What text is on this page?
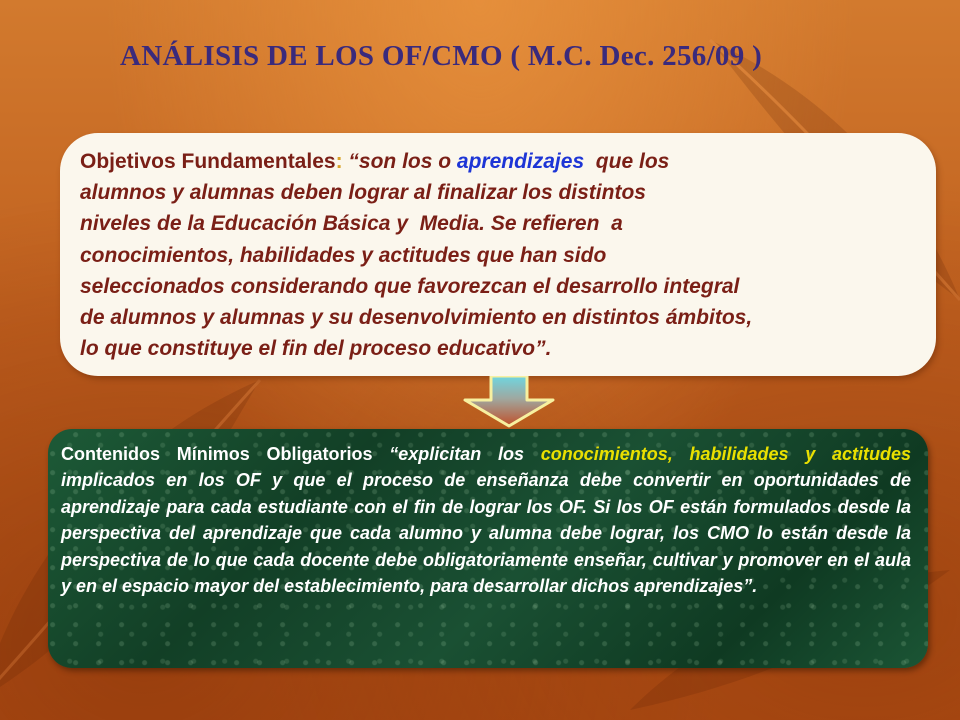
ANÁLISIS DE LOS OF/CMO ( M.C. Dec. 256/09 )
Objetivos Fundamentales: “son los o aprendizajes  que los
alumnos y alumnas deben lograr al finalizar los distintos
niveles de la Educación Básica y  Media. Se refieren  a
conocimientos, habilidades y actitudes que han sido
seleccionados considerando que favorezcan el desarrollo integral
de alumnos y alumnas y su desenvolvimiento en distintos ámbitos,
lo que constituye el fin del proceso educativo”.
Contenidos Mínimos Obligatorios “explicitan los conocimientos, habilidades y actitudes implicados en los OF y que el proceso de enseñanza debe convertir en oportunidades de aprendizaje para cada estudiante con el fin de lograr los OF. Si los OF están formulados desde la perspectiva del aprendizaje que cada alumno y alumna debe lograr, los CMO lo están desde la perspectiva de lo que cada docente debe obligatoriamente enseñar, cultivar y promover en el aula y en el espacio mayor del establecimiento, para desarrollar dichos aprendizajes”.
